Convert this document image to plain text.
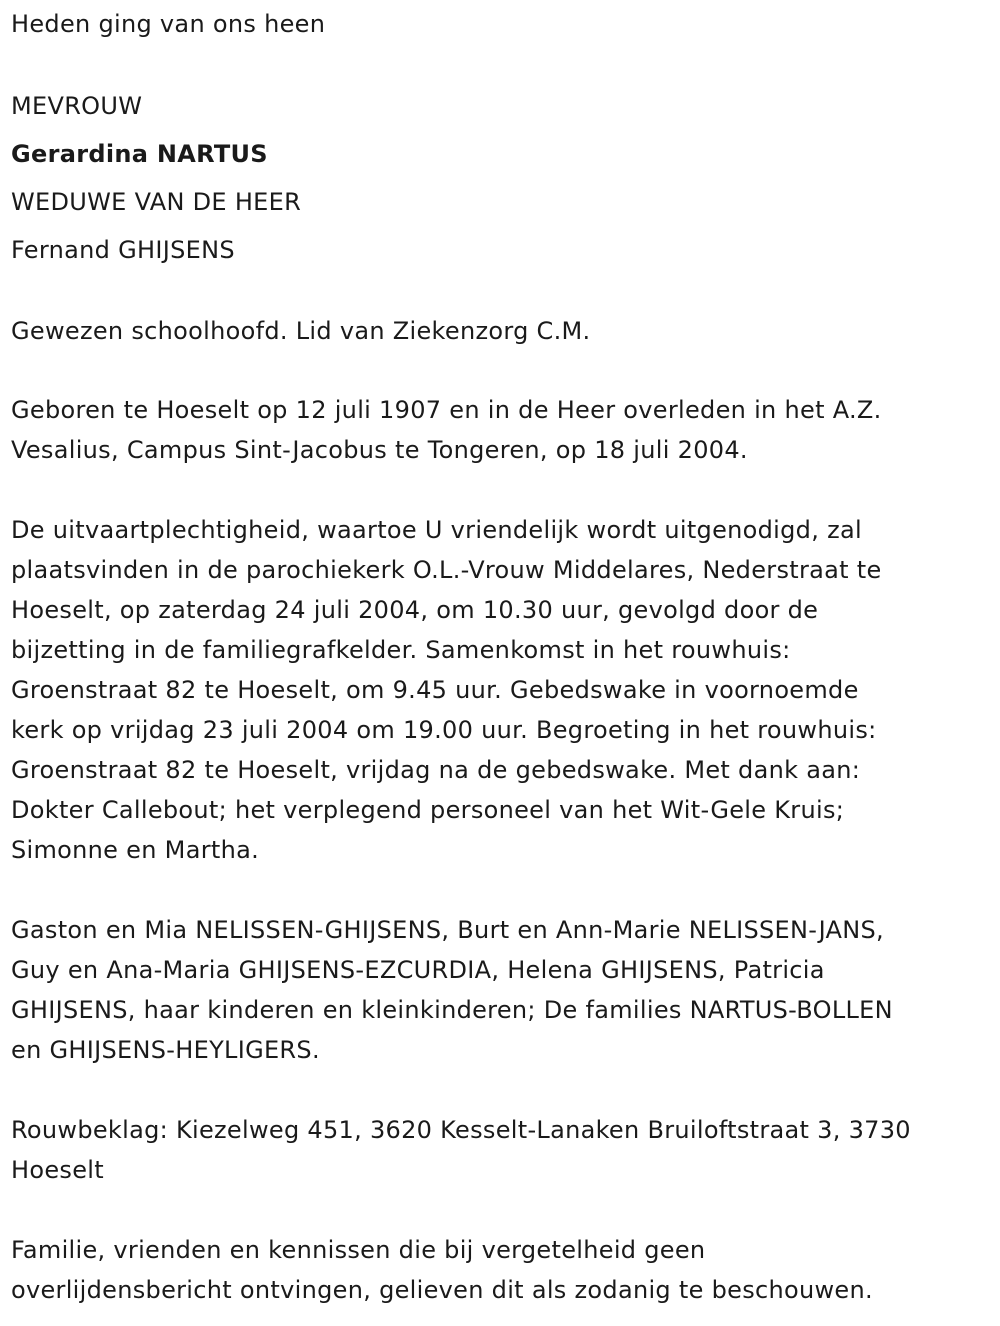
Heden ging van ons heen
MEVROUW
Gerardina NARTUS
WEDUWE VAN DE HEER
Fernand GHIJSENS
Gewezen schoolhoofd. Lid van Ziekenzorg C.M.
Geboren te Hoeselt op 12 juli 1907 en in de Heer overleden in het A.Z.
Vesalius, Campus Sint-Jacobus te Tongeren, op 18 juli 2004.
De uitvaartplechtigheid, waartoe U vriendelijk wordt uitgenodigd, zal
plaatsvinden in de parochiekerk O.L.-Vrouw Middelares, Nederstraat te
Hoeselt, op zaterdag 24 juli 2004, om 10.30 uur, gevolgd door de
bijzetting in de familiegrafkelder. Samenkomst in het rouwhuis:
Groenstraat 82 te Hoeselt, om 9.45 uur. Gebedswake in voornoemde
kerk op vrijdag 23 juli 2004 om 19.00 uur. Begroeting in het rouwhuis:
Groenstraat 82 te Hoeselt, vrijdag na de gebedswake. Met dank aan:
Dokter Callebout; het verplegend personeel van het Wit-Gele Kruis;
Simonne en Martha.
Gaston en Mia NELISSEN-GHIJSENS, Burt en Ann-Marie NELISSEN-JANS,
Guy en Ana-Maria GHIJSENS-EZCURDIA, Helena GHIJSENS, Patricia
GHIJSENS, haar kinderen en kleinkinderen; De families NARTUS-BOLLEN
en GHIJSENS-HEYLIGERS.
Rouwbeklag: Kiezelweg 451, 3620 Kesselt-Lanaken Bruiloftstraat 3, 3730
Hoeselt
Familie, vrienden en kennissen die bij vergetelheid geen
overlijdensbericht ontvingen, gelieven dit als zodanig te beschouwen.
